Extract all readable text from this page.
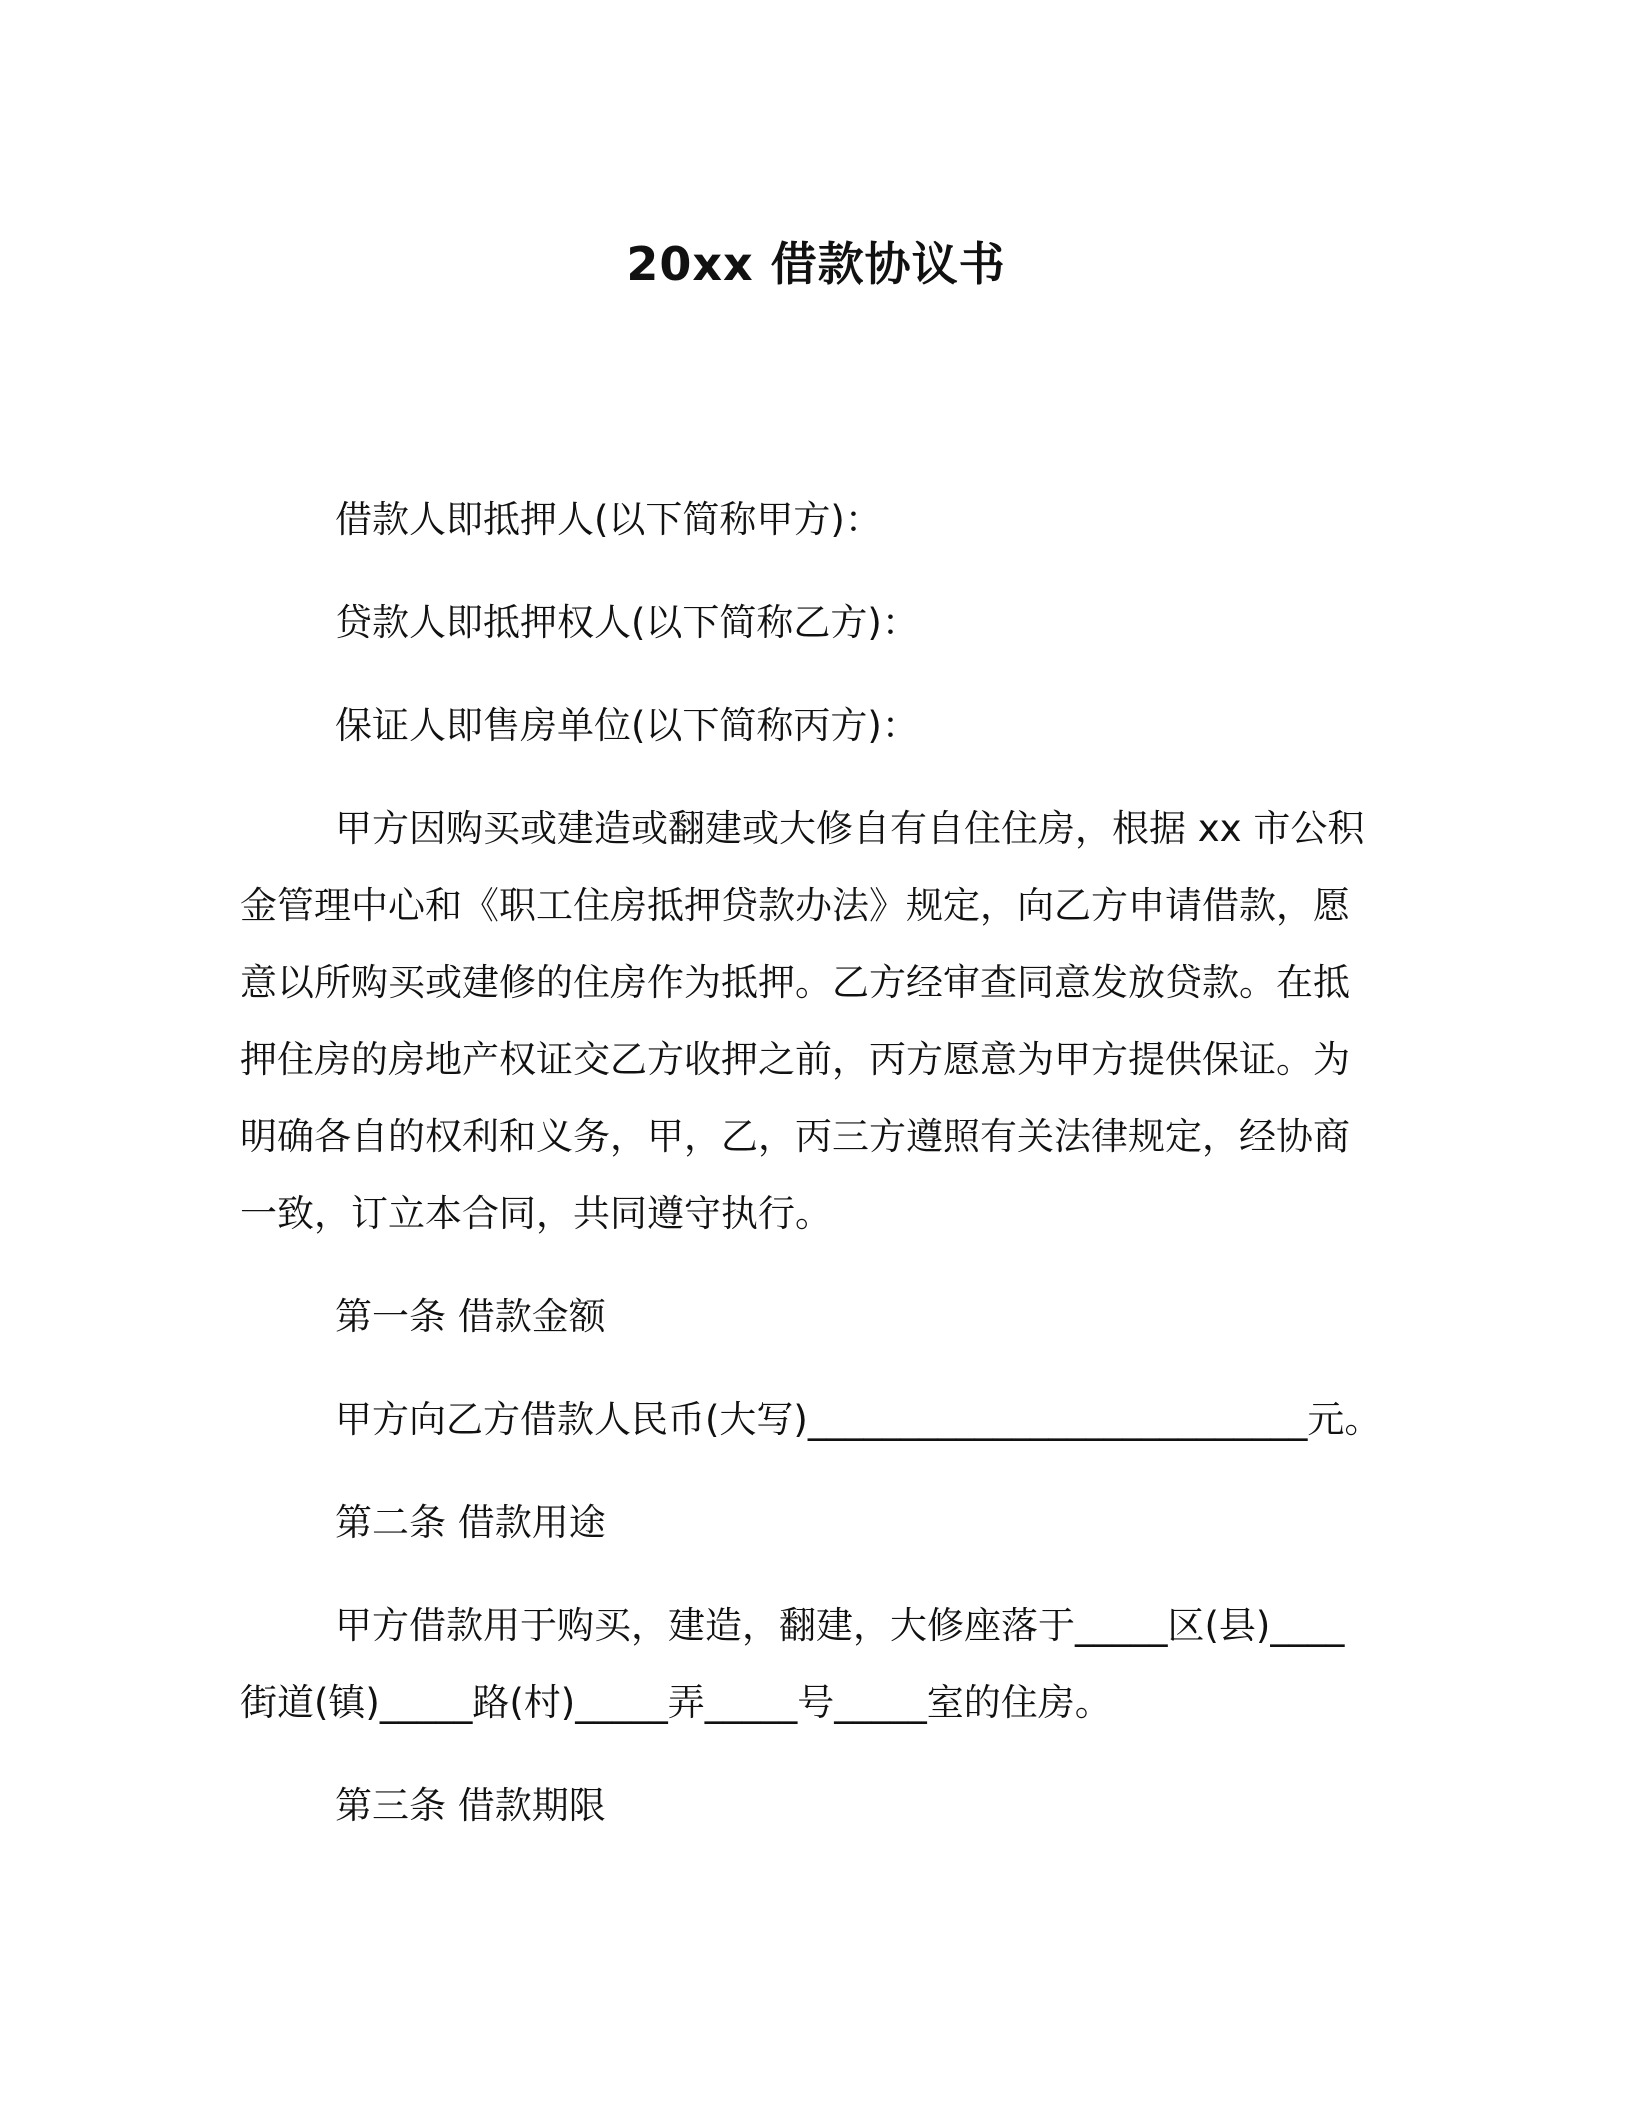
20xx 借款协议书

借款人即抵押人(以下简称甲方)：

贷款人即抵押权人(以下简称乙方)：

保证人即售房单位(以下简称丙方)：

甲方因购买或建造或翻建或大修自有自住住房，根据 xx 市公积

金管理中心和《职工住房抵押贷款办法》规定，向乙方申请借款，愿

意以所购买或建修的住房作为抵押。乙方经审查同意发放贷款。在抵

押住房的房地产权证交乙方收押之前，丙方愿意为甲方提供保证。为

明确各自的权利和义务，甲，乙，丙三方遵照有关法律规定，经协商

一致，订立本合同，共同遵守执行。

第一条 借款金额

甲方向乙方借款人民币(大写)___________________________元。

第二条 借款用途

甲方借款用于购买，建造，翻建，大修座落于_____区(县)____

街道(镇)_____路(村)_____弄_____号_____室的住房。

第三条 借款期限
